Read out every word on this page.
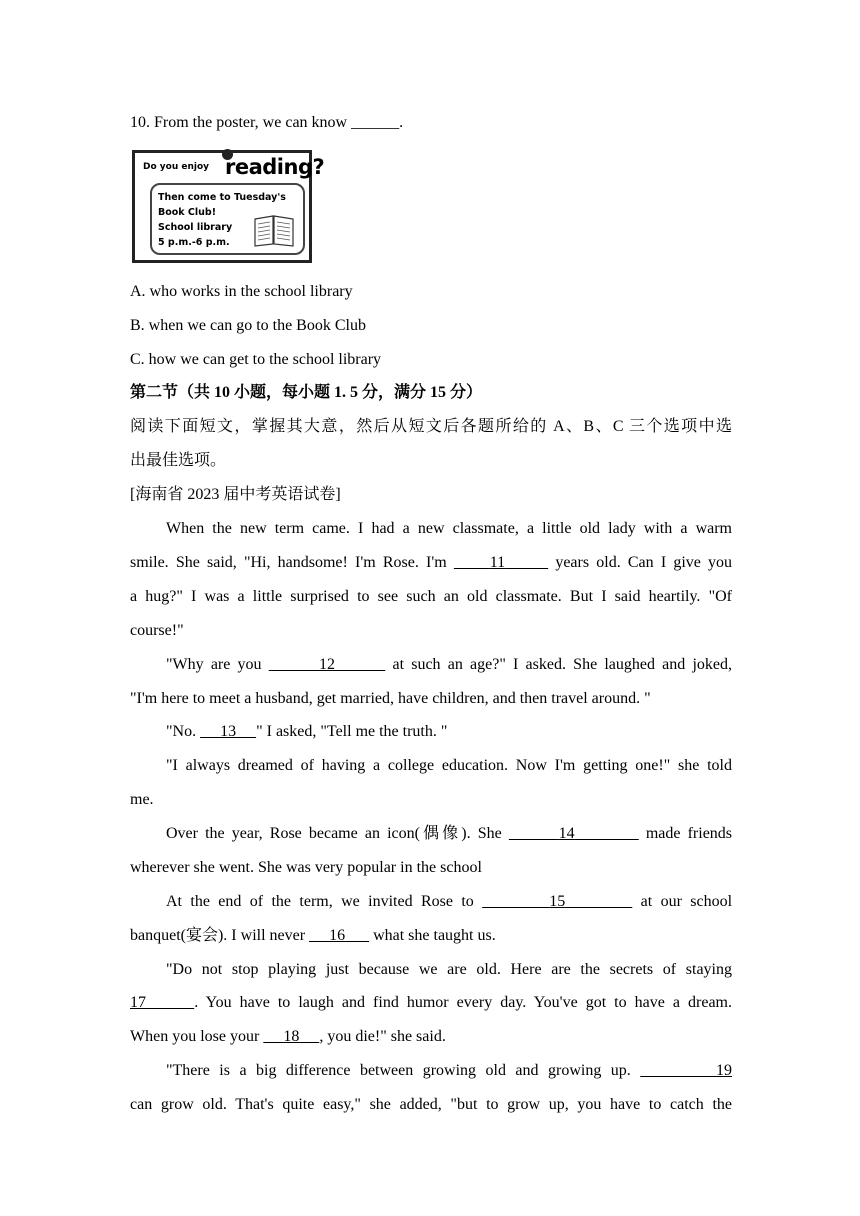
10. From the poster, we can know ______.
Do you enjoy reading?
Then come to Tuesday's
Book Club!
School library
5 p.m.-6 p.m.
A. who works in the school library
B. when we can go to the Book Club
C. how we can get to the school library
第二节（共 10 小题，每小题 1. 5 分，满分 15 分）
阅读下面短文，掌握其大意，然后从短文后各题所给的 A、B、C 三个选项中选
出最佳选项。
[海南省 2023 届中考英语试卷]
When the new term came. I had a new classmate, a little old lady with a warm
smile. She said, "Hi, handsome! I'm Rose. I'm	11	years old. Can I give you
a hug?" I was a little surprised to see such an old classmate. But I said heartily. "Of
course!"
"Why are you	12	at such an age?" I asked. She laughed and joked,
"I'm here to meet a husband, get married, have children, and then travel around. "
"No. 13 " I asked, "Tell me the truth. "
"I always dreamed of having a college education. Now I'm getting one!" she told
me.
Over the year, Rose became an icon(偶像). She	14	made friends
wherever she went. She was very popular in the school
At the end of the term, we invited Rose to	15	at our school
banquet(宴会). I will never 16 what she taught us.
"Do not stop playing just because we are old. Here are the secrets of staying
17	. You have to laugh and find humor every day. You've got to have a dream.
When you lose your 18 , you die!" she said.
"There is a big difference between growing old and growing up.	19
can grow old. That's quite easy," she added, "but to grow up, you have to catch the
